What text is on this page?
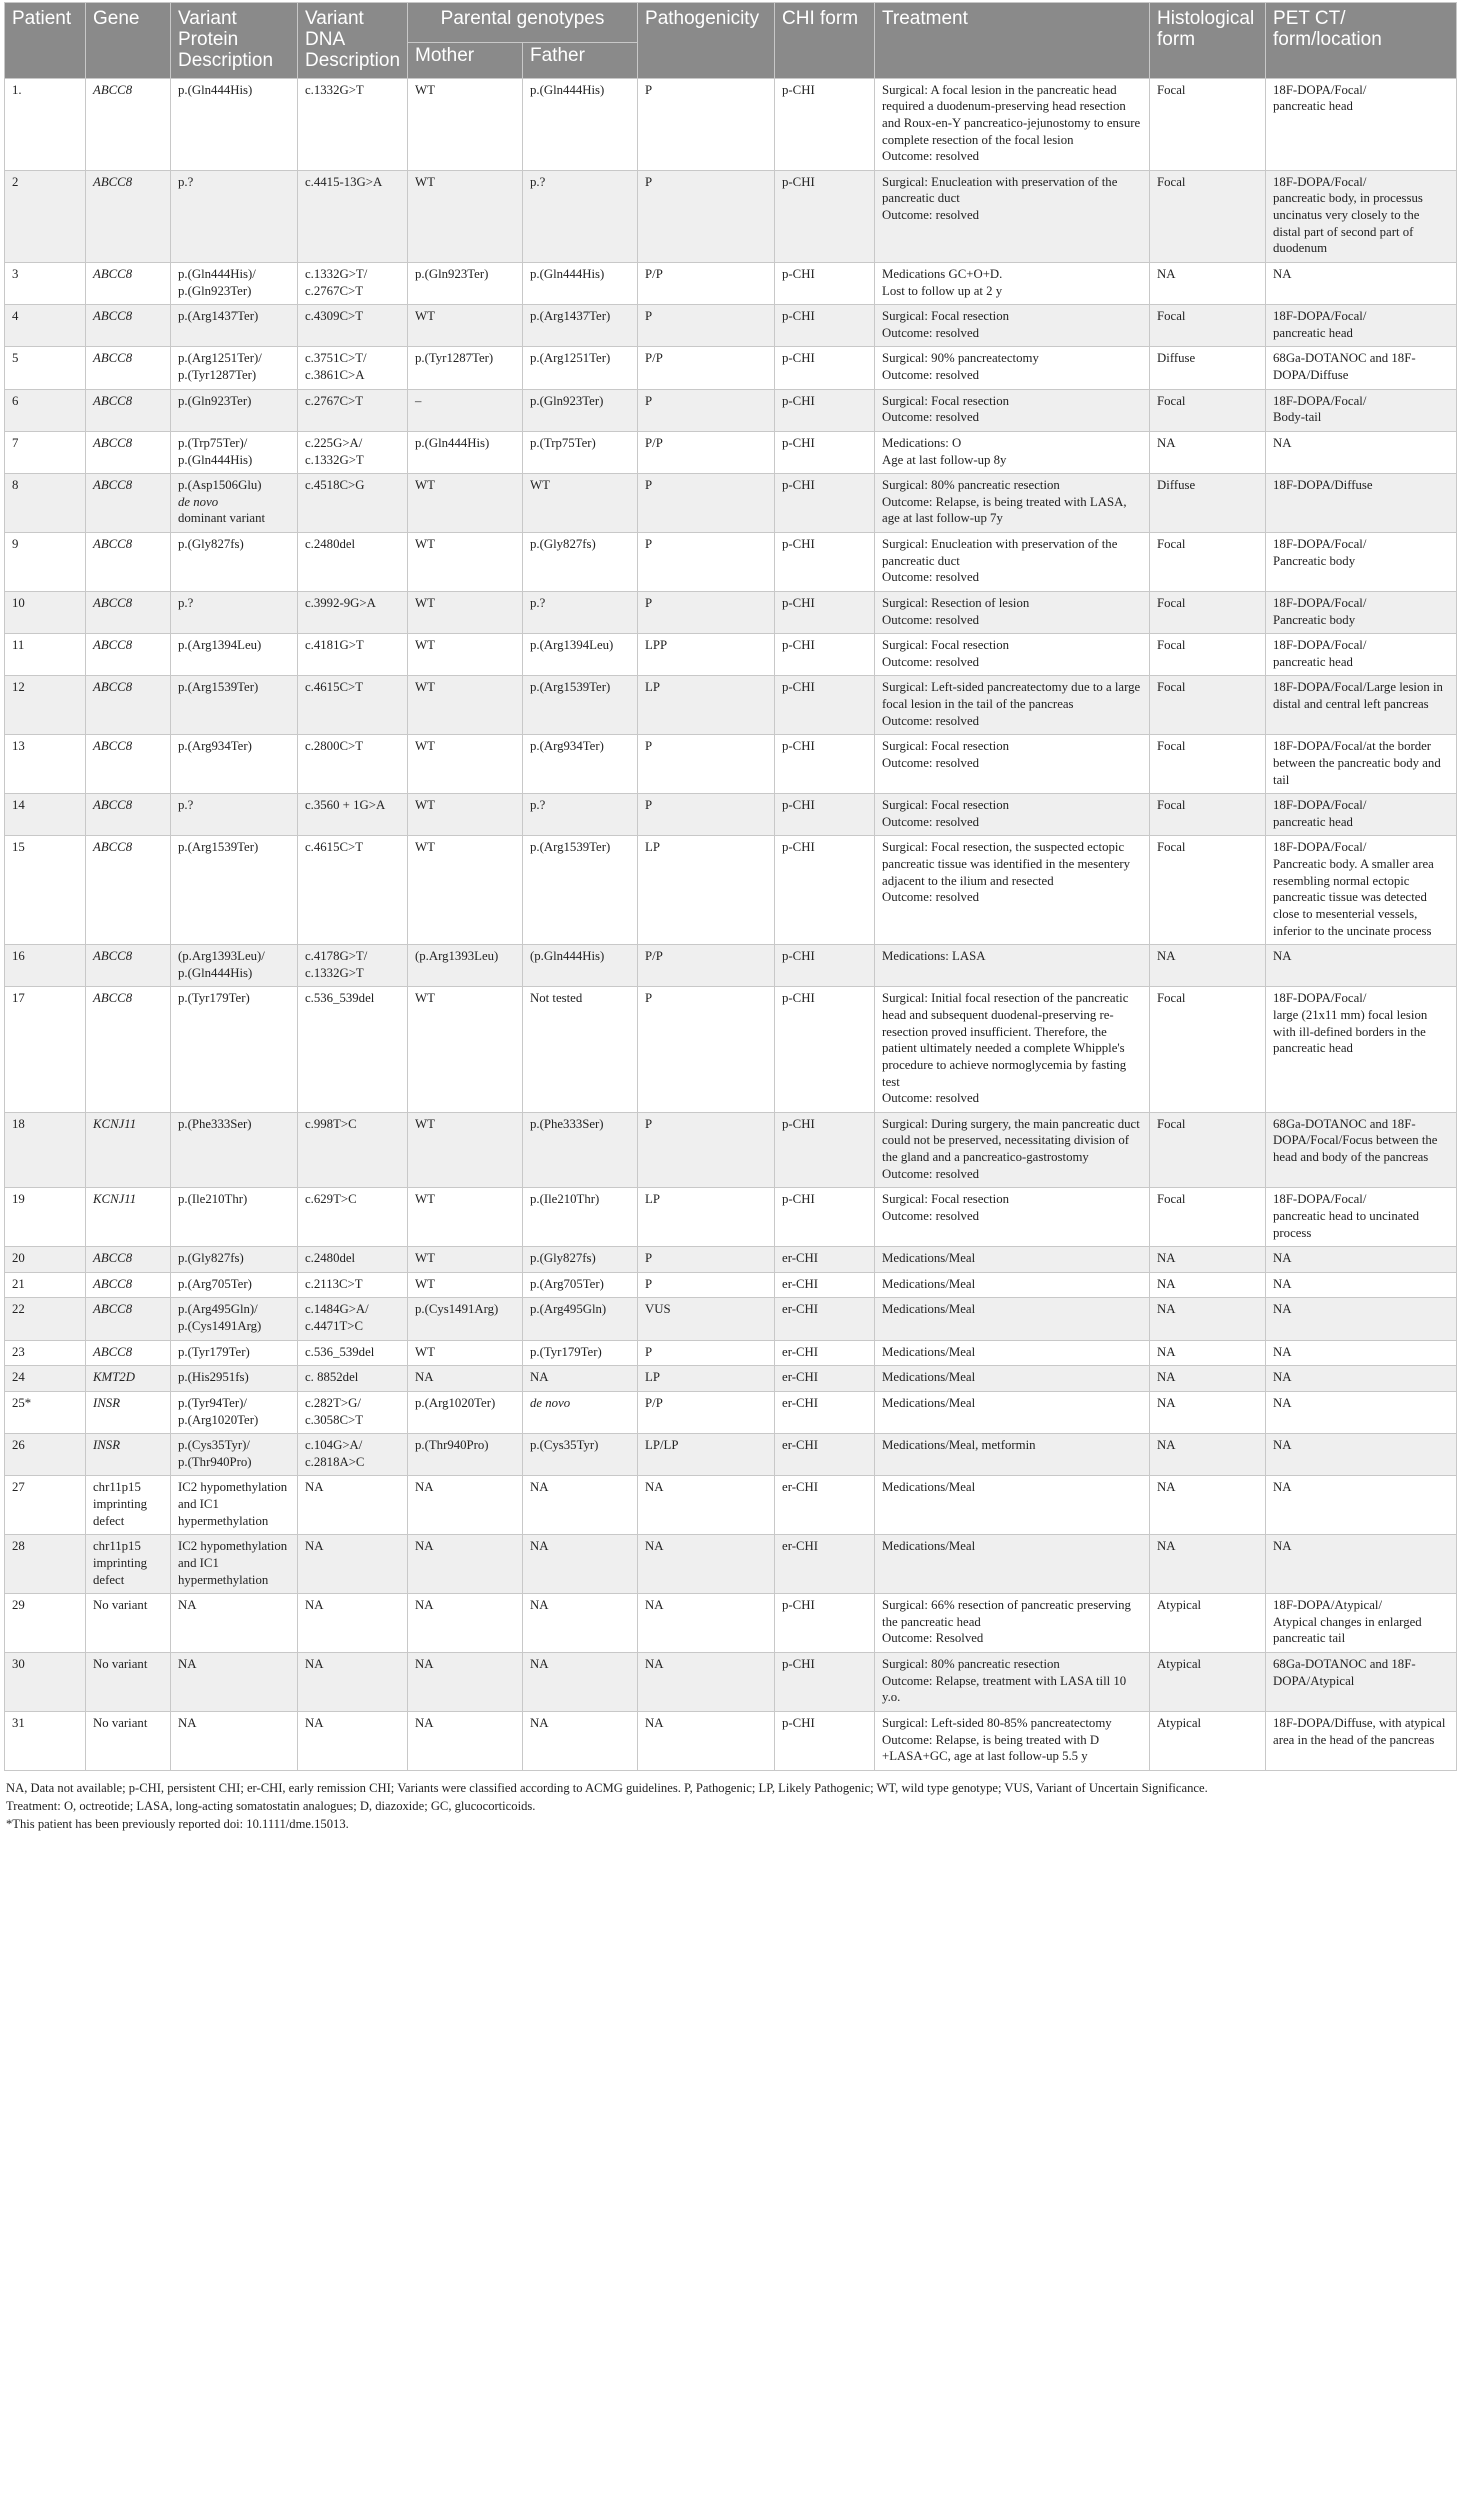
Patient	Gene	Variant Protein Description	Variant DNA Description	Parental genotypes		Pathogenicity	CHI form	Treatment	Histological form	PET CT/ form/location
				Mother	Father					
1.	ABCC8	p.(Gln444His)	c.1332G>T	WT	p.(Gln444His)	P	p-CHI	Surgical: A focal lesion in the pancreatic head required a duodenum-preserving head resection and Roux-en-Y pancreatico-jejunostomy to ensure complete resection of the focal lesion
Outcome: resolved	Focal	18F-DOPA/Focal/
pancreatic head
2	ABCC8	p.?	c.4415-13G>A	WT	p.?	P	p-CHI	Surgical: Enucleation with preservation of the pancreatic duct
Outcome: resolved	Focal	18F-DOPA/Focal/
pancreatic body, in processus uncinatus very closely to the distal part of second part of duodenum
3	ABCC8	p.(Gln444His)/
p.(Gln923Ter)	c.1332G>T/
c.2767C>T	p.(Gln923Ter)	p.(Gln444His)	P/P	p-CHI	Medications GC+O+D.
Lost to follow up at 2 y	NA	NA
4	ABCC8	p.(Arg1437Ter)	c.4309C>T	WT	p.(Arg1437Ter)	P	p-CHI	Surgical: Focal resection
Outcome: resolved	Focal	18F-DOPA/Focal/
pancreatic head
5	ABCC8	p.(Arg1251Ter)/
p.(Tyr1287Ter)	c.3751C>T/
c.3861C>A	p.(Tyr1287Ter)	p.(Arg1251Ter)	P/P	p-CHI	Surgical: 90% pancreatectomy
Outcome: resolved	Diffuse	68Ga-DOTANOC and 18F-DOPA/Diffuse
6	ABCC8	p.(Gln923Ter)	c.2767C>T	–	p.(Gln923Ter)	P	p-CHI	Surgical: Focal resection
Outcome: resolved	Focal	18F-DOPA/Focal/
Body-tail
7	ABCC8	p.(Trp75Ter)/
p.(Gln444His)	c.225G>A/
c.1332G>T	p.(Gln444His)	p.(Trp75Ter)	P/P	p-CHI	Medications: O
Age at last follow-up 8y	NA	NA
8	ABCC8	p.(Asp1506Glu)
de novo
dominant variant	c.4518C>G	WT	WT	P	p-CHI	Surgical: 80% pancreatic resection
Outcome: Relapse, is being treated with LASA, age at last follow-up 7y	Diffuse	18F-DOPA/Diffuse
9	ABCC8	p.(Gly827fs)	c.2480del	WT	p.(Gly827fs)	P	p-CHI	Surgical: Enucleation with preservation of the pancreatic duct
Outcome: resolved	Focal	18F-DOPA/Focal/
Pancreatic body
10	ABCC8	p.?	c.3992-9G>A	WT	p.?	P	p-CHI	Surgical: Resection of lesion
Outcome: resolved	Focal	18F-DOPA/Focal/
Pancreatic body
11	ABCC8	p.(Arg1394Leu)	c.4181G>T	WT	p.(Arg1394Leu)	LPP	p-CHI	Surgical: Focal resection
Outcome: resolved	Focal	18F-DOPA/Focal/
pancreatic head
12	ABCC8	p.(Arg1539Ter)	c.4615C>T	WT	p.(Arg1539Ter)	LP	p-CHI	Surgical: Left-sided pancreatectomy due to a large focal lesion in the tail of the pancreas
Outcome: resolved	Focal	18F-DOPA/Focal/Large lesion in distal and central left pancreas
13	ABCC8	p.(Arg934Ter)	c.2800C>T	WT	p.(Arg934Ter)	P	p-CHI	Surgical: Focal resection
Outcome: resolved	Focal	18F-DOPA/Focal/at the border between the pancreatic body and tail
14	ABCC8	p.?	c.3560 + 1G>A	WT	p.?	P	p-CHI	Surgical: Focal resection
Outcome: resolved	Focal	18F-DOPA/Focal/
pancreatic head
15	ABCC8	p.(Arg1539Ter)	c.4615C>T	WT	p.(Arg1539Ter)	LP	p-CHI	Surgical: Focal resection, the suspected ectopic pancreatic tissue was identified in the mesentery adjacent to the ilium and resected
Outcome: resolved	Focal	18F-DOPA/Focal/
Pancreatic body. A smaller area resembling normal ectopic pancreatic tissue was detected close to mesenterial vessels, inferior to the uncinate process
16	ABCC8	(p.Arg1393Leu)/
p.(Gln444His)	c.4178G>T/
c.1332G>T	(p.Arg1393Leu)	(p.Gln444His)	P/P	p-CHI	Medications: LASA	NA	NA
17	ABCC8	p.(Tyr179Ter)	c.536_539del	WT	Not tested	P	p-CHI	Surgical: Initial focal resection of the pancreatic head and subsequent duodenal-preserving re-resection proved insufficient. Therefore, the patient ultimately needed a complete Whipple's procedure to achieve normoglycemia by fasting test
Outcome: resolved	Focal	18F-DOPA/Focal/
large (21x11 mm) focal lesion with ill-defined borders in the pancreatic head
18	KCNJ11	p.(Phe333Ser)	c.998T>C	WT	p.(Phe333Ser)	P	p-CHI	Surgical: During surgery, the main pancreatic duct could not be preserved, necessitating division of the gland and a pancreatico-gastrostomy
Outcome: resolved	Focal	68Ga-DOTANOC and 18F-DOPA/Focal/Focus between the head and body of the pancreas
19	KCNJ11	p.(Ile210Thr)	c.629T>C	WT	p.(Ile210Thr)	LP	p-CHI	Surgical: Focal resection
Outcome: resolved	Focal	18F-DOPA/Focal/
pancreatic head to uncinated process
20	ABCC8	p.(Gly827fs)	c.2480del	WT	p.(Gly827fs)	P	er-CHI	Medications/Meal	NA	NA
21	ABCC8	p.(Arg705Ter)	c.2113C>T	WT	p.(Arg705Ter)	P	er-CHI	Medications/Meal	NA	NA
22	ABCC8	p.(Arg495Gln)/
p.(Cys1491Arg)	c.1484G>A/
c.4471T>C	p.(Cys1491Arg)	p.(Arg495Gln)	VUS	er-CHI	Medications/Meal	NA	NA
23	ABCC8	p.(Tyr179Ter)	c.536_539del	WT	p.(Tyr179Ter)	P	er-CHI	Medications/Meal	NA	NA
24	KMT2D	p.(His2951fs)	c. 8852del	NA	NA	LP	er-CHI	Medications/Meal	NA	NA
25*	INSR	p.(Tyr94Ter)/
p.(Arg1020Ter)	c.282T>G/
c.3058C>T	p.(Arg1020Ter)	de novo	P/P	er-CHI	Medications/Meal	NA	NA
26	INSR	p.(Cys35Tyr)/
p.(Thr940Pro)	c.104G>A/
c.2818A>C	p.(Thr940Pro)	p.(Cys35Tyr)	LP/LP	er-CHI	Medications/Meal, metformin	NA	NA
27	chr11p15 imprinting defect	IC2 hypomethylation and IC1 hypermethylation	NA	NA	NA	NA	er-CHI	Medications/Meal	NA	NA
28	chr11p15 imprinting defect	IC2 hypomethylation and IC1 hypermethylation	NA	NA	NA	NA	er-CHI	Medications/Meal	NA	NA
29	No variant	NA	NA	NA	NA	NA	p-CHI	Surgical: 66% resection of pancreatic preserving the pancreatic head
Outcome: Resolved	Atypical	18F-DOPA/Atypical/
Atypical changes in enlarged pancreatic tail
30	No variant	NA	NA	NA	NA	NA	p-CHI	Surgical: 80% pancreatic resection
Outcome: Relapse, treatment with LASA till 10 y.o.	Atypical	68Ga-DOTANOC and 18F-DOPA/Atypical
31	No variant	NA	NA	NA	NA	NA	p-CHI	Surgical: Left-sided 80-85% pancreatectomy
Outcome: Relapse, is being treated with D +LASA+GC, age at last follow-up 5.5 y	Atypical	18F-DOPA/Diffuse, with atypical area in the head of the pancreas
NA, Data not available; p-CHI, persistent CHI; er-CHI, early remission CHI; Variants were classified according to ACMG guidelines. P, Pathogenic; LP, Likely Pathogenic; WT, wild type genotype; VUS, Variant of Uncertain Significance.
Treatment: O, octreotide; LASA, long-acting somatostatin analogues; D, diazoxide; GC, glucocorticoids.
*This patient has been previously reported doi: 10.1111/dme.15013.
